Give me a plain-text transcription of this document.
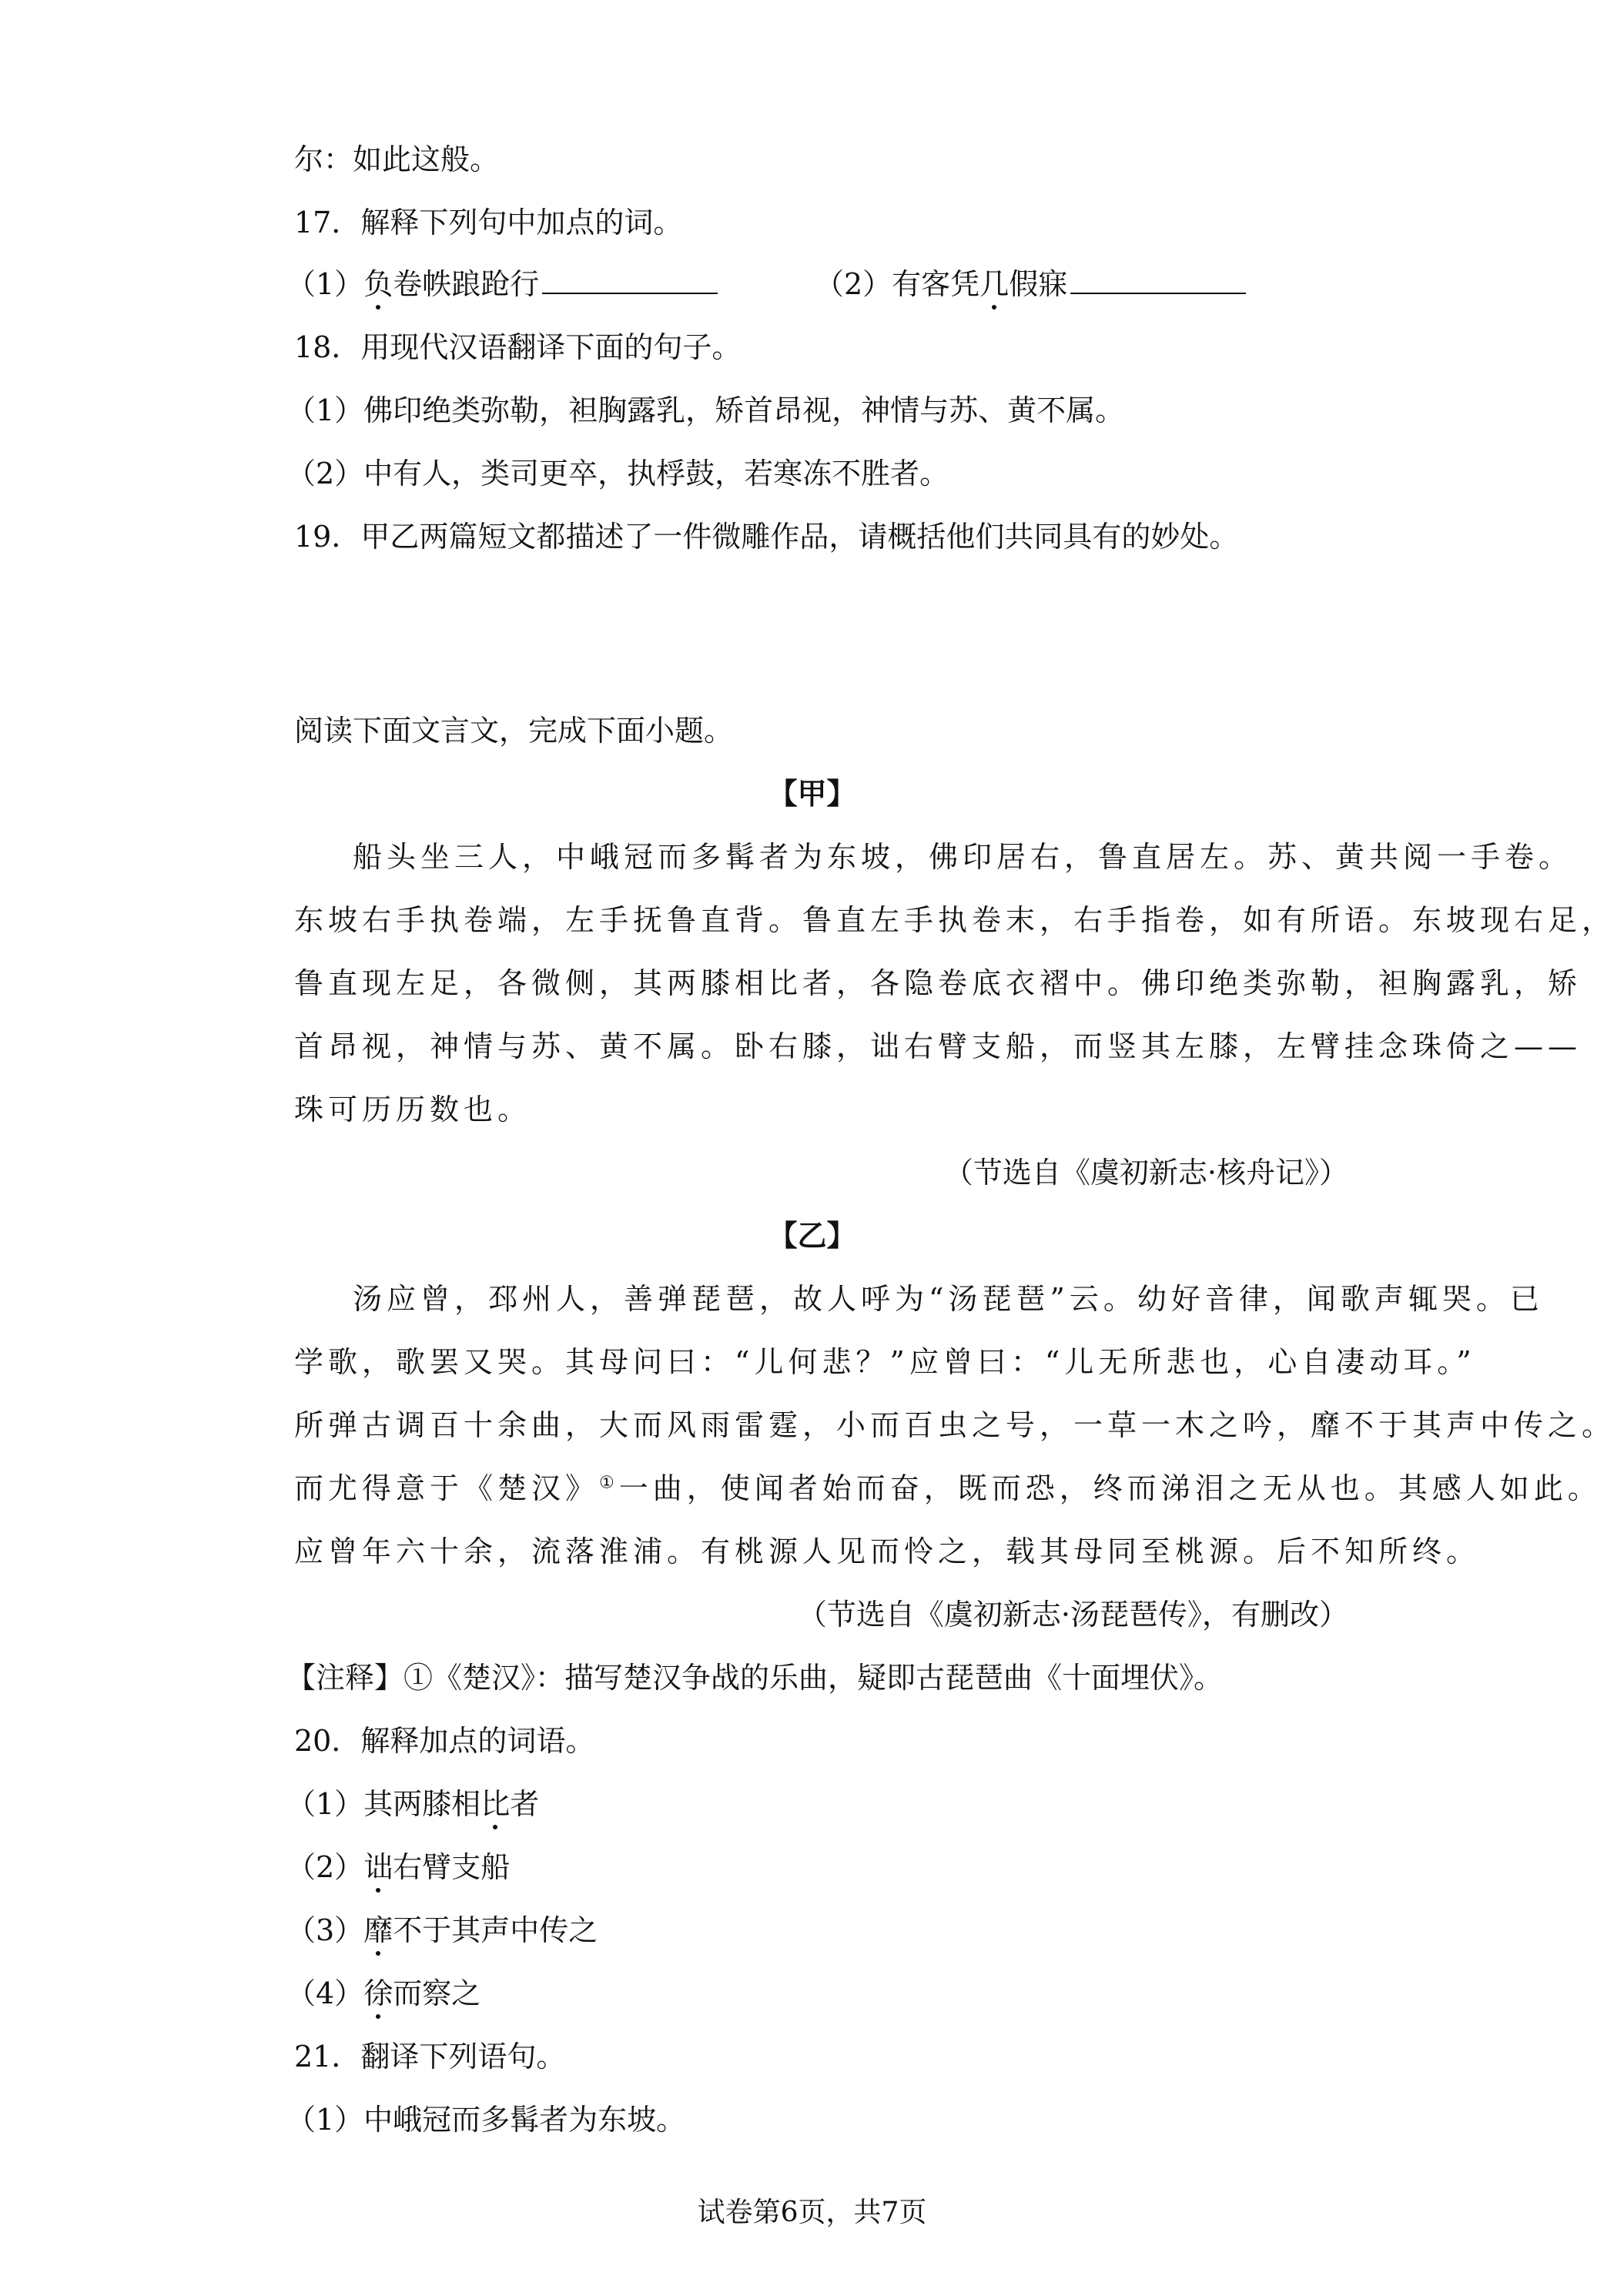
尔：如此这般。
17．解释下列句中加点的词。
（1）负卷帙踉跄行	（2）有客凭几假寐
18．用现代汉语翻译下面的句子。
（1）佛印绝类弥勒，袒胸露乳，矫首昂视，神情与苏、黄不属。
（2）中有人，类司更卒，执桴鼓，若寒冻不胜者。
19．甲乙两篇短文都描述了一件微雕作品，请概括他们共同具有的妙处。
阅读下面文言文，完成下面小题。
【甲】
船头坐三人，中峨冠而多髯者为东坡，佛印居右，鲁直居左。苏、黄共阅一手卷。
东坡右手执卷端，左手抚鲁直背。鲁直左手执卷末，右手指卷，如有所语。东坡现右足，
鲁直现左足，各微侧，其两膝相比者，各隐卷底衣褶中。佛印绝类弥勒，袒胸露乳，矫
首昂视，神情与苏、黄不属。卧右膝，诎右臂支船，而竖其左膝，左臂挂念珠倚之——
珠可历历数也。
（节选自《虞初新志·核舟记》）
【乙】
汤应曾，邳州人，善弹琵琶，故人呼为“汤琵琶”云。幼好音律，闻歌声辄哭。已
学歌，歌罢又哭。其母问曰：“儿何悲？”应曾曰：“儿无所悲也，心自凄动耳。”
所弹古调百十余曲，大而风雨雷霆，小而百虫之号，一草一木之吟，靡不于其声中传之。
而尤得意于《楚汉》①一曲，使闻者始而奋，既而恐，终而涕泪之无从也。其感人如此。
应曾年六十余，流落淮浦。有桃源人见而怜之，载其母同至桃源。后不知所终。
（节选自《虞初新志·汤琵琶传》，有删改）
【注释】①《楚汉》：描写楚汉争战的乐曲，疑即古琵琶曲《十面埋伏》。
20．解释加点的词语。
（1）其两膝相比者
（2）诎右臂支船
（3）靡不于其声中传之
（4）徐而察之
21．翻译下列语句。
（1）中峨冠而多髯者为东坡。
试卷第6页，共7页
